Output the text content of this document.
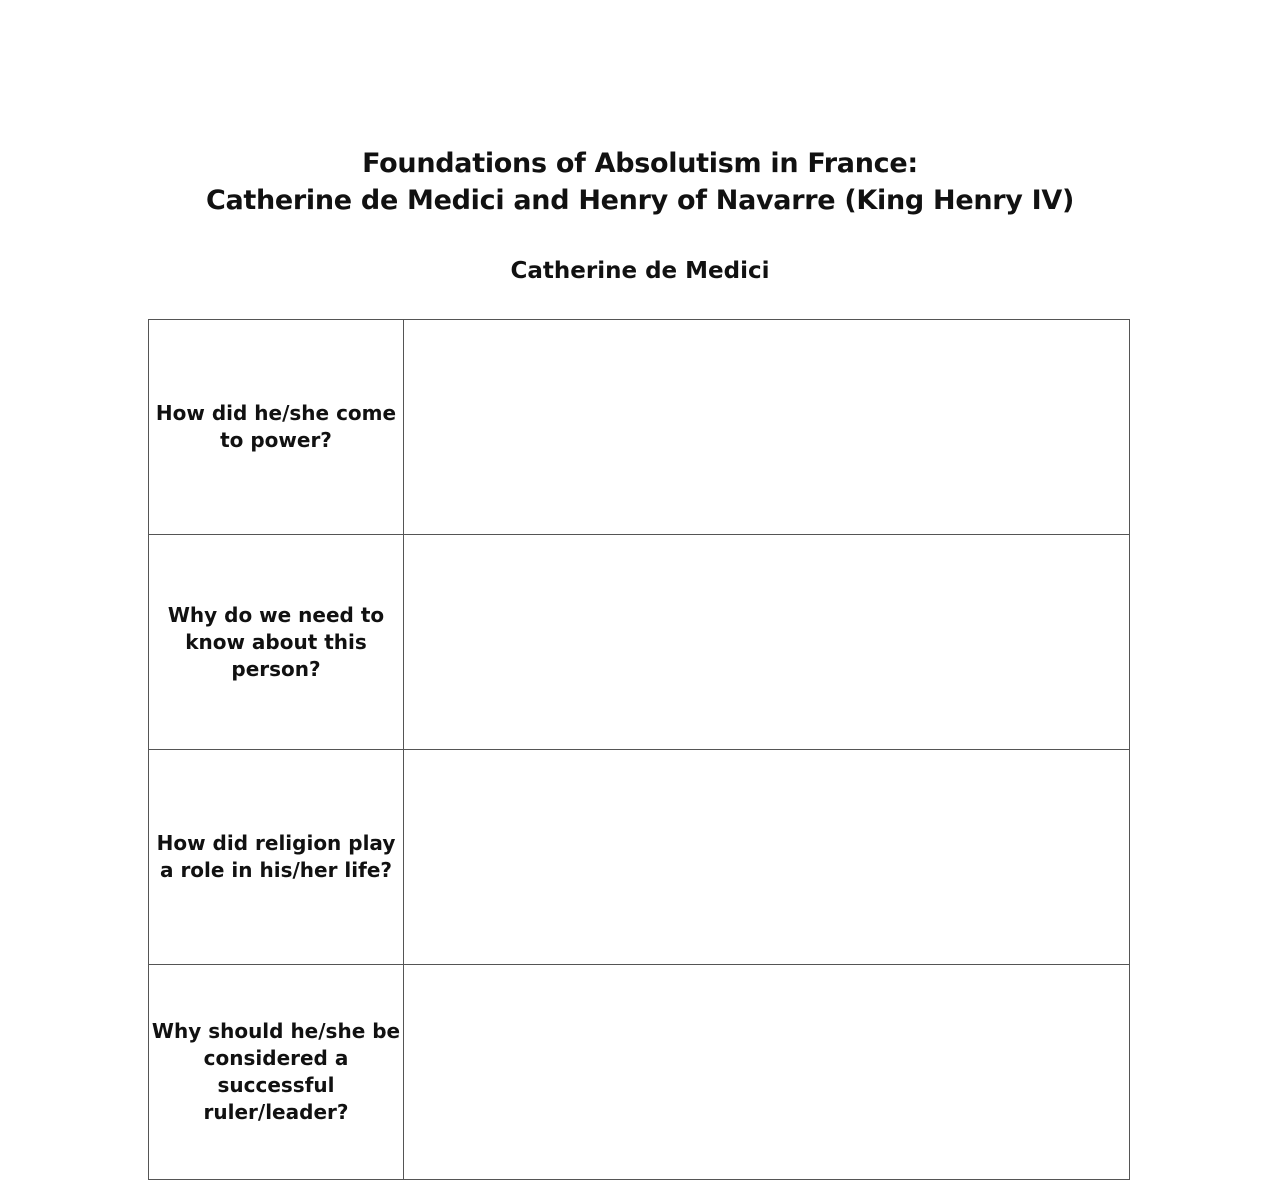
Foundations of Absolutism in France:
Catherine de Medici and Henry of Navarre (King Henry IV)
Catherine de Medici
How did he/she come to power?	
Why do we need to know about this person?	
How did religion play a role in his/her life?	
Why should he/she be considered a successful ruler/leader?	
